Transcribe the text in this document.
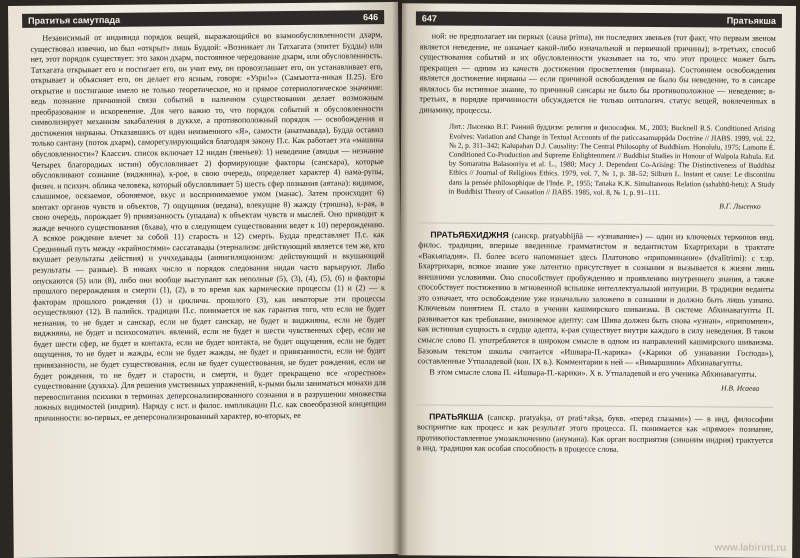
Пратитья самутпада	646

Независимый от индивида порядок вещей, выражающийся во взамообусловленности дхарм, существовал извечно, но был «открыт» лишь Буддой: «Возникает ли Татхагата (эпитет Будды) или нет, этот порядок существует: это закон дхарм, постоянное чередование дхарм, или обусловленность. Татхагата открывает его и постигает его, он учит ему, он провозглашает его, он устанавливает его, открывает и объясняет его, он делает его ясным, говоря: «Узри!»» (Самъютта-никая II.25). Его открытие и постигание имело не только теоретическое, но и прямое сотериологическое значение: ведь познание причинной связи событий в наличном существовании делает возможным преобразование и искоренение. Для чего важно то, что порядок событий и обусловленности символизирует механизм закабаления в дуккхе, а противоположный порядок — освобождения и достижения нирваны. Отказавшись от идеи неизменного «Я», самости (анатмавада), Будда оставил только сантану (поток дхарм), саморегулирующийся благодаря закону П.с. Как работает эта «машина обусловленности»? Классич. список включает 12 нидан (звеньев): 1) неведение (авидья — незнание Четырех благородных истин) обусловливает 2) формирующие факторы (санскара), которые обусловливают сознание (виджняна), к-рое, в свою очередь, определяет характер 4) нама-рупы, физич. и психич. облика человека, который обусловливает 5) шесть сфер познания (аятана): видимое, слышимое, осязаемое, обоняемое, вкус и воспринимаемое умом (манас). Затем происходит 6) контакт органов чувств и объектов, 7) ощущения (ведана), влекущие 8) жажду (тришна), к-рая, в свою очередь, порождает 9) привязанность (упадана) к объектам чувств и мыслей. Оно приводит к жажде вечного существования (бхава), что в следующем существовании ведет к 10) перерождению. А всякое рождение влечет за собой 11) старость и 12) смерть. Будда представляет П.с. как Срединный путь между «крайностями» сассатавады (этернализм: действующий является тем же, кто вкушает результаты действия) и уччхедавады (аннигиляционизм: действующий и вкушающий результаты — разные). В никаях число и порядок следования нидан часто варьируют. Либо опускаются (5) или (8), либо они вообще выступают как неполные (5), (3), (4), (5), (6) и факторы прошлого перерождения и смерти (1), (2), в то время как кармические процессы (1) и (2) — к факторам прошлого рождения (1) и цикличн. прошлого (3), как некоторые эти процессы осуществляют (12). В палийск. традиции П.с. понимается не как гарантия того, что если не будет незнания, то не будет и санскар, если не будет санскар, не будет и виджняны, если не будет виджняны, не будет и психосоматич. явлений, если не будет и шести чувственных сфер, если не будет шести сфер, не будет и контакта, если не будет контакта, не будет ощущения, если не будет ощущения, то не будет и жажды, если не будет жажды, не будет и привязанности, если не будет привязанности, не будет существования, если не будет существования, не будет рождения, если не будет рождения, то не будет и старости, и смерти, и будет прекращено все «горестное» существование (дуккха). Для решения умственных упражнений, к-рыми были заниматься монахи для перевоспитания психики в терминах деперсонализированного сознания и в разрушении множества ложных видимостей (индрия). Наряду с ист. и филос. импликации П.с. как своеобразной концепции причинности: во-первых, ее деперсонализированный характер, во-вторых, ее

647	Пратьякша

ной: не предполагает ни первых (causa prima), ни последних звеньев (тот факт, что первым звеном является неведение, не означает какой-либо изначальной и первичной причины); в-третьих, способ существования событий и их обусловленности указывает на то, что этот процесс может быть прекращен — одним из качеств достижения просветления (нирвана). Состоянием освобождения является достижение нирваны — если причиной освобождения не было бы неведение, то в сансаре являлось бы истинное знание, то причиной сансары не было бы противоположное — неведение; в-третьих, в порядке причинности обсуждается не только онтологич. статус вещей, вовлеченных в динамику, процессы.

Лит.: Лысенко В.Г. Ранний буддизм: религия и философия. М., 2003; Bucknell R.S. Conditioned Arising Evolves: Variation and Change in Textual Accounts of the paticcasamuppāda Doctrine // JIABS. 1999, vol. 22, № 2, p. 311–342; Kalupahan D.J. Causality: The Central Philosophy of Buddhism. Honolulu, 1975; Lamotte É. Conditioned Co-Production and Supreme Enlightenment // Buddhist Studies in Honour of Walpola Rahula. Ed. by Somaratna Balasooriya et al. L., 1980; Macy J. Dependent Co-Arising: The Distinctiveness of Buddhist Ethics // Journal of Religious Ethics. 1979, vol. 7, № 1, p. 38–52; Silburn L. Instant et cause: Le discontinu dans la pensée philosophique de l'Inde. P., 1955; Tanaka K.K. Simultaneous Relation (sahabhū-hetu): A Study in Buddhist Theory of Causation // JIABS. 1985, vol. 8, № 1, p. 91–111.
В.Г. Лысенко

ПРАТЬЯБХИДЖНЯ (санскр. pratyabhijñā — «узнавание») — один из ключевых терминов инд. филос. традиции, впервые введенные грамматистом и ведантистом Бхартрихари в трактате «Вакьяпадия». П. более всего напоминает здесь Платоново «припоминание» (dvalītrimi): с т.зр. Бхартрихари, всякое знание уже латентно присутствует в сознании и вызывается к жизни лишь внешними условиями. Оно способствует пробуждению и проявлению внутреннего знания, а также способствует постижению в мгновенной вспышке интеллектуальной интуиции. В традиции веданты это означает, что освобождение уже изначально заложено в сознании и должно быть лишь узнано. Ключевым понятием П. стало в учении кашмирского шиваизма. В системе Абхинавагупты П. развивается как требование, вменяемое адепту: сам Шива должен быть снова «узнан», «припомнен», как истинная сущность в сердце адепта, к-рая существует внутри каждого в силу неведения. В таком смысле слово П. употребляется в широком смысле в одном из направлений кашмирского шиваизма. Базовым текстом школы считается «Ишвара-П.-карика» («Карики об узнавании Господа»), составленные Утпаладевой (кон. IX в.). Комментарии к ней — «Вимаршини» Абхинавагупты.

В этом смысле слова П. «Ишвара-П.-карики». Х в. Утпаладевой и его ученика Абхинавагупты.

Н.В. Исаева

ПРАТЬЯКША (санскр. pratyakṣa, от prati+akṣa, букв. «перед глазами») — в инд. философии восприятие как процесс и как результат этого процесса. П. понимается как «прямое» познание, противопоставленное умозаключению (анумана). Как орган восприятия (синоним индрия) трактуется в инд. традиции как особая способность в процессе слова.

www.labirint.ru
